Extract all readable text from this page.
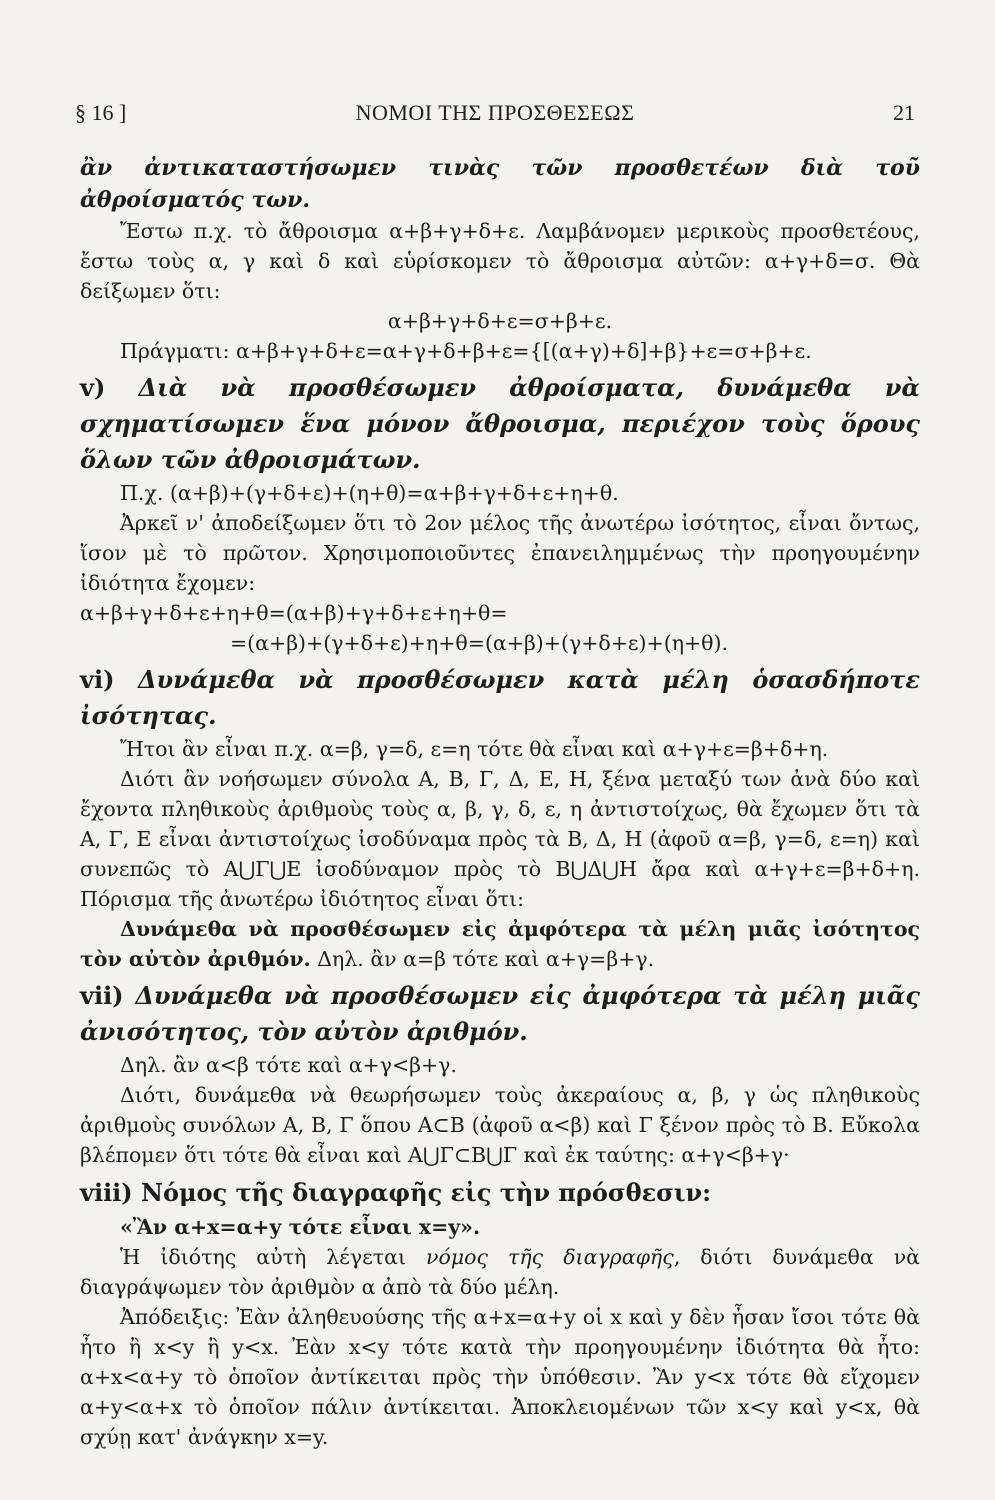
§ 16 ]	ΝΟΜΟΙ ΤΗΣ ΠΡΟΣΘΕΣΕΩΣ	21

ἂν ἀντικαταστήσωμεν τινὰς τῶν προσθετέων διὰ τοῦ ἀθροίσματός των.

Ἔστω π.χ. τὸ ἄθροισμα α+β+γ+δ+ε. Λαμβάνομεν μερικοὺς προσθετέους, ἔστω τοὺς α, γ καὶ δ καὶ εὑρίσκομεν τὸ ἄθροισμα αὐτῶν: α+γ+δ=σ. Θὰ δείξωμεν ὅτι:

α+β+γ+δ+ε=σ+β+ε.

Πράγματι: α+β+γ+δ+ε=α+γ+δ+β+ε={[(α+γ)+δ]+β}+ε=σ+β+ε.

v) Διὰ νὰ προσθέσωμεν ἀθροίσματα, δυνάμεθα νὰ σχηματίσωμεν ἕνα μόνον ἄθροισμα, περιέχον τοὺς ὅρους ὅλων τῶν ἀθροισμάτων.

Π.χ. (α+β)+(γ+δ+ε)+(η+θ)=α+β+γ+δ+ε+η+θ.

Ἀρκεῖ ν' ἀποδείξωμεν ὅτι τὸ 2ον μέλος τῆς ἀνωτέρω ἰσότητος, εἶναι ὄντως, ἴσον μὲ τὸ πρῶτον. Χρησιμοποιοῦντες ἐπανειλημμένως τὴν προηγουμένην ἰδιότητα ἔχομεν:

α+β+γ+δ+ε+η+θ=(α+β)+γ+δ+ε+η+θ=

=(α+β)+(γ+δ+ε)+η+θ=(α+β)+(γ+δ+ε)+(η+θ).

vi) Δυνάμεθα νὰ προσθέσωμεν κατὰ μέλη ὁσασδήποτε ἰσότητας.

Ἤτοι ἂν εἶναι π.χ. α=β, γ=δ, ε=η τότε θὰ εἶναι καὶ α+γ+ε=β+δ+η.

Διότι ἂν νοήσωμεν σύνολα Α, Β, Γ, Δ, Ε, Η, ξένα μεταξύ των ἀνὰ δύο καὶ ἔχοντα πληθικοὺς ἀριθμοὺς τοὺς α, β, γ, δ, ε, η ἀντιστοίχως, θὰ ἔχωμεν ὅτι τὰ Α, Γ, Ε εἶναι ἀντιστοίχως ἰσοδύναμα πρὸς τὰ Β, Δ, Η (ἀφοῦ α=β, γ=δ, ε=η) καὶ συνεπῶς τὸ Α⋃Γ⋃Ε ἰσοδύναμον πρὸς τὸ Β⋃Δ⋃Η ἄρα καὶ α+γ+ε=β+δ+η. Πόρισμα τῆς ἀνωτέρω ἰδιότητος εἶναι ὅτι:

Δυνάμεθα νὰ προσθέσωμεν εἰς ἀμφότερα τὰ μέλη μιᾶς ἰσότητος τὸν αὐτὸν ἀριθμόν. Δηλ. ἂν α=β τότε καὶ α+γ=β+γ.

vii) Δυνάμεθα νὰ προσθέσωμεν εἰς ἀμφότερα τὰ μέλη μιᾶς ἀνισότητος, τὸν αὐτὸν ἀριθμόν.

Δηλ. ἂν α<β τότε καὶ α+γ<β+γ.

Διότι, δυνάμεθα νὰ θεωρήσωμεν τοὺς ἀκεραίους α, β, γ ὡς πληθικοὺς ἀριθμοὺς συνόλων Α, Β, Γ ὅπου Α⊂Β (ἀφοῦ α<β) καὶ Γ ξένον πρὸς τὸ Β. Εὔκολα βλέπομεν ὅτι τότε θὰ εἶναι καὶ Α⋃Γ⊂Β⋃Γ καὶ ἐκ ταύτης: α+γ<β+γ·

viii) Νόμος τῆς διαγραφῆς εἰς τὴν πρόσθεσιν:

«Ἂν α+x=α+y τότε εἶναι x=y».

Ἡ ἰδιότης αὐτὴ λέγεται νόμος τῆς διαγραφῆς, διότι δυνάμεθα νὰ διαγράψωμεν τὸν ἀριθμὸν α ἀπὸ τὰ δύο μέλη.

Ἀπόδειξις: Ἐὰν ἀληθευούσης τῆς α+x=α+y οἱ x καὶ y δὲν ἦσαν ἴσοι τότε θὰ ἦτο ἢ x<y ἢ y<x. Ἐὰν x<y τότε κατὰ τὴν προηγουμένην ἰδιότητα θὰ ἦτο: α+x<α+y τὸ ὁποῖον ἀντίκειται πρὸς τὴν ὑπόθεσιν. Ἂν y<x τότε θὰ εἴχομεν α+y<α+x τὸ ὁποῖον πάλιν ἀντίκειται. Ἀποκλειομένων τῶν x<y καὶ y<x, θὰ σχύῃ κατ' ἀνάγκην x=y.
